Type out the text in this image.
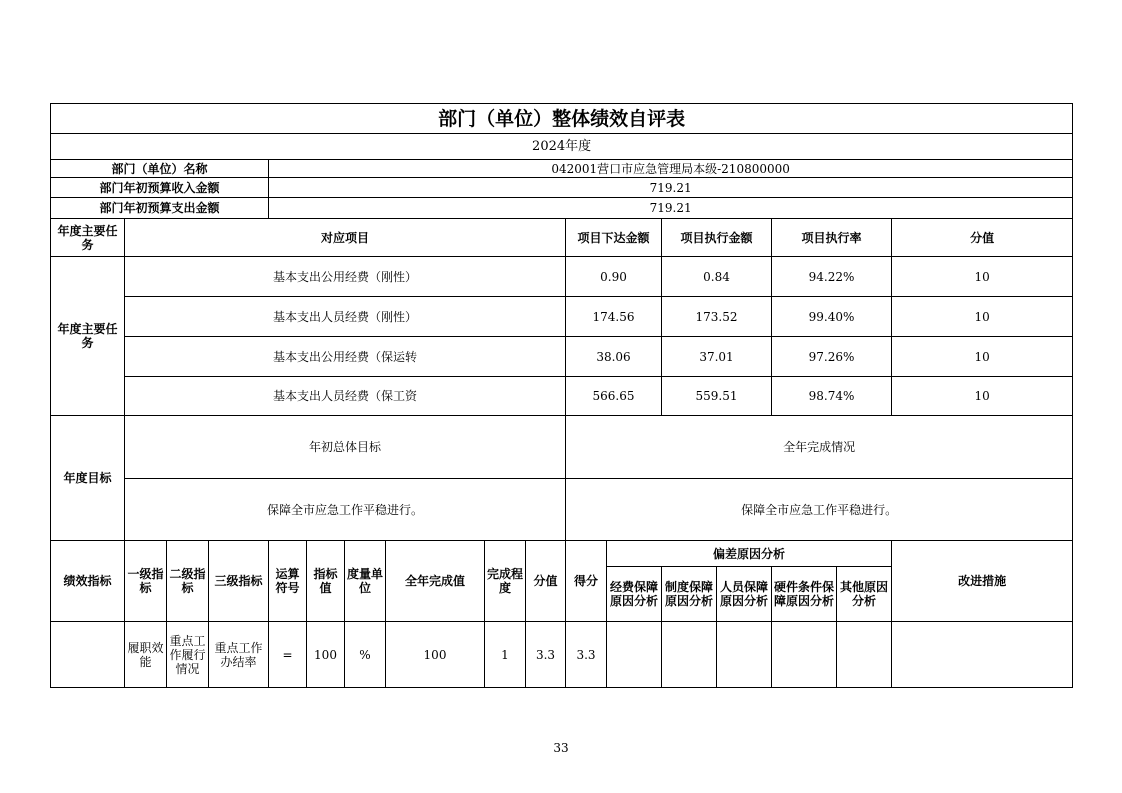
部门（单位）整体绩效自评表																	
2024年度																	
部门（单位）名称				042001营口市应急管理局本级-210800000													
部门年初预算收入金额				719.21													
部门年初预算支出金额				719.21													
年度主要任务	对应项目									项目下达金额		项目执行金额		项目执行率		分值	
年度主要任务	基本支出公用经费（刚性）									0.90		0.84		94.22%		10	
	基本支出人员经费（刚性）									174.56		173.52		99.40%		10	
	基本支出公用经费（保运转									38.06		37.01		97.26%		10	
	基本支出人员经费（保工资									566.65		559.51		98.74%		10	
年度目标	年初总体目标									全年完成情况							
	保障全市应急工作平稳进行。									保障全市应急工作平稳进行。							
绩效指标	一级指标	二级指标	三级指标	运算符号	指标值	度量单位	全年完成值	完成程度	分值	得分	偏差原因分析					改进措施	
											经费保障原因分析	制度保障原因分析	人员保障原因分析	硬件条件保障原因分析	其他原因分析		
	履职效能	重点工作履行情况	重点工作办结率	=	100	%	100	1	3.3	3.3							
33
